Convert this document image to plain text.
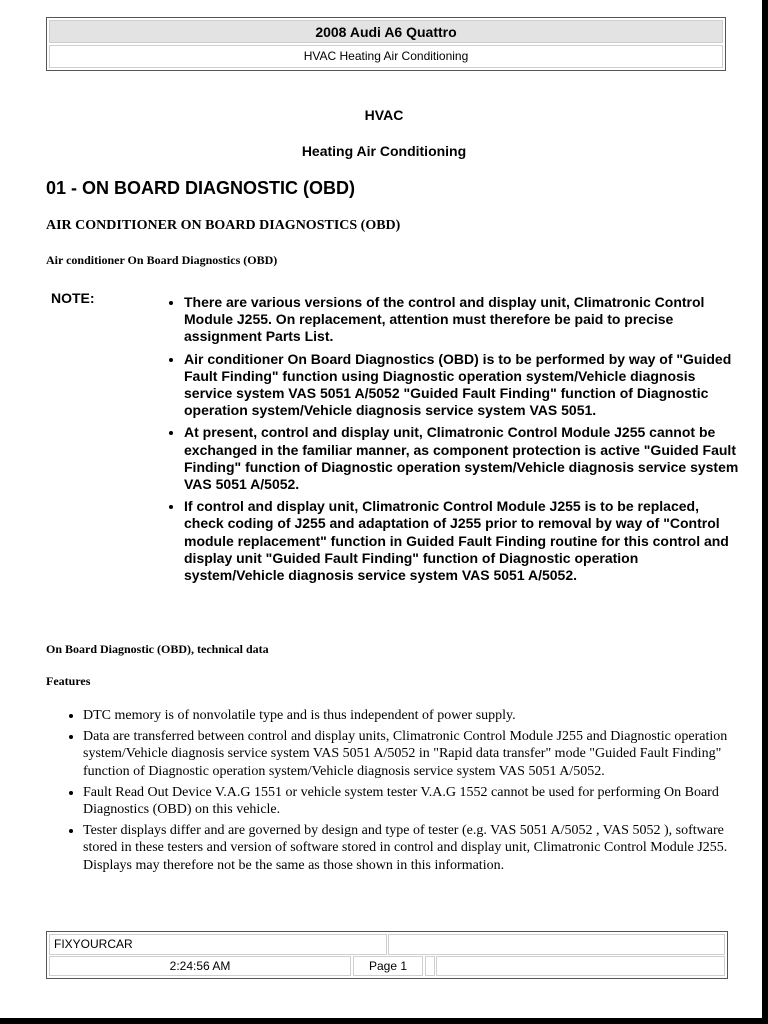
2008 Audi A6 Quattro
HVAC Heating Air Conditioning
HVAC
Heating Air Conditioning
01 - ON BOARD DIAGNOSTIC (OBD)
AIR CONDITIONER ON BOARD DIAGNOSTICS (OBD)
Air conditioner On Board Diagnostics (OBD)
NOTE:
•	There are various versions of the control and display unit, Climatronic Control Module J255. On replacement, attention must therefore be paid to precise assignment Parts List.
• Air conditioner On Board Diagnostics (OBD) is to be performed by way of "Guided Fault Finding" function using Diagnostic operation system/Vehicle diagnosis service system VAS 5051 A/5052 "Guided Fault Finding" function of Diagnostic operation system/Vehicle diagnosis service system VAS 5051.
• At present, control and display unit, Climatronic Control Module J255 cannot be exchanged in the familiar manner, as component protection is active "Guided Fault Finding" function of Diagnostic operation system/Vehicle diagnosis service system VAS 5051 A/5052.
• If control and display unit, Climatronic Control Module J255 is to be replaced, check coding of J255 and adaptation of J255 prior to removal by way of "Control module replacement" function in Guided Fault Finding routine for this control and display unit "Guided Fault Finding" function of Diagnostic operation system/Vehicle diagnosis service system VAS 5051 A/5052.
On Board Diagnostic (OBD), technical data
Features
• DTC memory is of nonvolatile type and is thus independent of power supply.
• Data are transferred between control and display units, Climatronic Control Module J255 and Diagnostic operation system/Vehicle diagnosis service system VAS 5051 A/5052 in "Rapid data transfer" mode "Guided Fault Finding" function of Diagnostic operation system/Vehicle diagnosis service system VAS 5051 A/5052.
• Fault Read Out Device V.A.G 1551 or vehicle system tester V.A.G 1552 cannot be used for performing On Board Diagnostics (OBD) on this vehicle.
• Tester displays differ and are governed by design and type of tester (e.g. VAS 5051 A/5052 , VAS 5052 ), software stored in these testers and version of software stored in control and display unit, Climatronic Control Module J255. Displays may therefore not be the same as those shown in this information.
FIXYOURCAR
2:24:56 AM	Page 1
